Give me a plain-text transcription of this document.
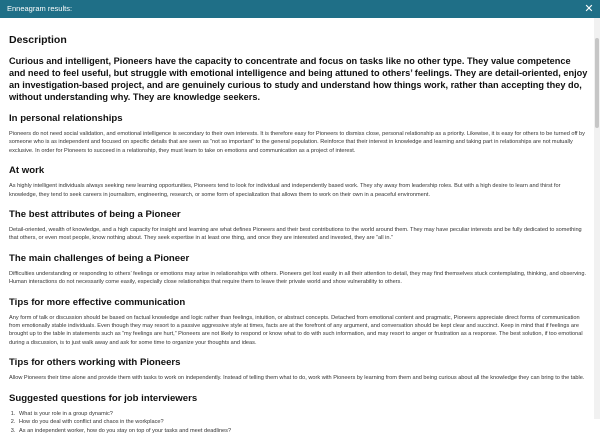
Enneagram results:	✕
Description

Curious and intelligent, Pioneers have the capacity to concentrate and focus on tasks like no other type. They value competence and need to feel useful, but struggle with emotional intelligence and being attuned to others’ feelings. They are detail-oriented, enjoy an investigation-based project, and are genuinely curious to study and understand how things work, rather than accepting they do, without understanding why. They are knowledge seekers.

In personal relationships

Pioneers do not need social validation, and emotional intelligence is secondary to their own interests. It is therefore easy for Pioneers to dismiss close, personal relationship as a priority. Likewise, it is easy for others to be turned off by someone who is as independent and focused on specific details that are seen as “not so important” to the general population. Reinforce that their interest in knowledge and learning and taking part in relationships are not mutually exclusive. In order for Pioneers to succeed in a relationship, they must learn to take on emotions and communication as a project of interest.

At work

As highly intelligent individuals always seeking new learning opportunities, Pioneers tend to look for individual and independently based work. They shy away from leadership roles. But with a high desire to learn and thirst for knowledge, they tend to seek careers in journalism, engineering, research, or some form of specialization that allows them to work on their own in a peaceful environment.

The best attributes of being a Pioneer

Detail-oriented, wealth of knowledge, and a high capacity for insight and learning are what defines Pioneers and their best contributions to the world around them. They may have peculiar interests and be fully dedicated to something that others, or even most people, know nothing about. They seek expertise in at least one thing, and once they are interested and invested, they are “all in.”

The main challenges of being a Pioneer

Difficulties understanding or responding to others’ feelings or emotions may arise in relationships with others. Pioneers get lost easily in all their attention to detail, they may find themselves stuck contemplating, thinking, and observing. Human interactions do not necessarily come easily, especially close relationships that require them to leave their private world and show vulnerability to others.

Tips for more effective communication

Any form of talk or discussion should be based on factual knowledge and logic rather than feelings, intuition, or abstract concepts. Detached from emotional content and pragmatic, Pioneers appreciate direct forms of communication from emotionally stable individuals. Even though they may resort to a passive aggressive style at times, facts are at the forefront of any argument, and conversation should be kept clear and succinct. Keep in mind that if feelings are brought up to the table in statements such as “my feelings are hurt,” Pioneers are not likely to respond or know what to do with such information, and may resort to anger or frustration as a response. The best solution, if too emotional during a discussion, is to just walk away and ask for some time to organize your thoughts and ideas.

Tips for others working with Pioneers

Allow Pioneers their time alone and provide them with tasks to work on independently. Instead of telling them what to do, work with Pioneers by learning from them and being curious about all the knowledge they can bring to the table.

Suggested questions for job interviewers
1. What is your role in a group dynamic?
2. How do you deal with conflict and chaos in the workplace?
3. As an independent worker, how do you stay on top of your tasks and meet deadlines?
